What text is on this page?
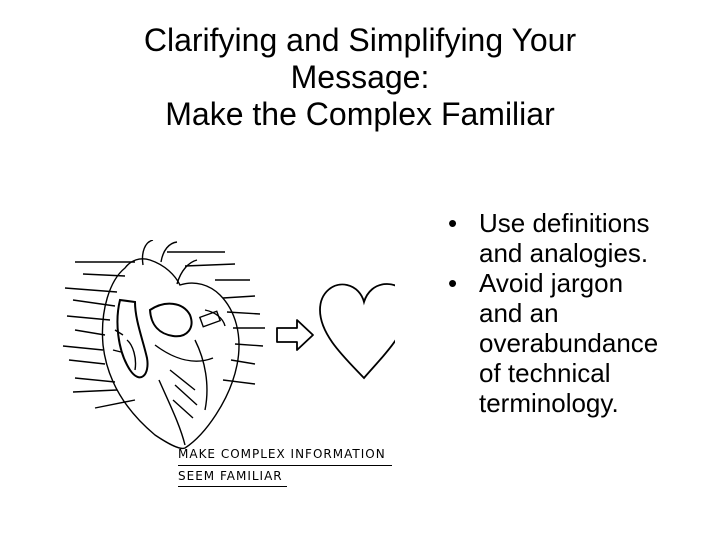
Clarifying and Simplifying Your
Message:
Make the Complex Familiar
MAKE COMPLEX INFORMATION
SEEM FAMILIAR
• Use definitions
and analogies.
• Avoid jargon
and an
overabundance
of technical
terminology.
